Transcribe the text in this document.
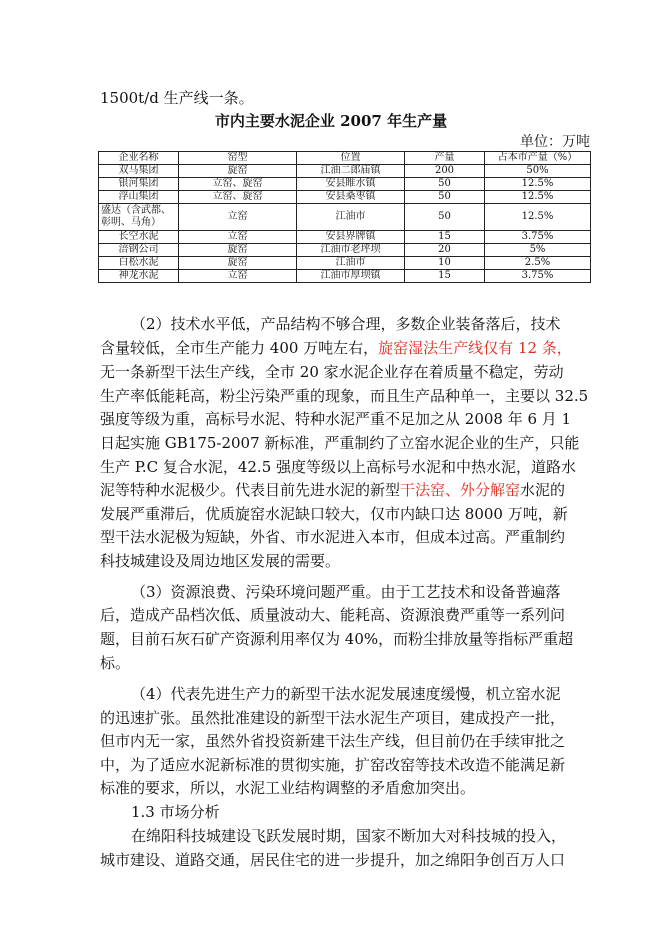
1500t/d 生产线一条。
市内主要水泥企业 2007 年生产量
单位：万吨
企业名称	窑型	位置	产量	占本市产量（%）
双马集团	旋窑	江油二郎庙镇	200	50%
银河集团	立窑、旋窑	安县睢水镇	50	12.5%
浮山集团	立窑、旋窑	安县桑枣镇	50	12.5%
盛达（含武都、彰明、马角）	立窑	江油市	50	12.5%
长空水泥	立窑	安县界牌镇	15	3.75%
涪钢公司	旋窑	江油市老坪坝	20	5%
白松水泥	旋窑	江油市	10	2.5%
神龙水泥	立窑	江油市厚坝镇	15	3.75%
（2）技术水平低，产品结构不够合理，多数企业装备落后，技术
含量较低，全市生产能力 400 万吨左右，旋窑湿法生产线仅有 12 条，
无一条新型干法生产线，全市 20 家水泥企业存在着质量不稳定，劳动
生产率低能耗高，粉尘污染严重的现象，而且生产品种单一，主要以 32.5
强度等级为重，高标号水泥、特种水泥严重不足加之从 2008 年 6 月 1
日起实施 GB175-2007 新标准，严重制约了立窑水泥企业的生产，只能
生产 P.C 复合水泥，42.5 强度等级以上高标号水泥和中热水泥，道路水
泥等特种水泥极少。代表目前先进水泥的新型干法窑、外分解窑水泥的
发展严重滞后，优质旋窑水泥缺口较大，仅市内缺口达 8000 万吨，新
型干法水泥极为短缺，外省、市水泥进入本市，但成本过高。严重制约
科技城建设及周边地区发展的需要。
（3）资源浪费、污染环境问题严重。由于工艺技术和设备普遍落
后，造成产品档次低、质量波动大、能耗高、资源浪费严重等一系列问
题，目前石灰石矿产资源利用率仅为 40%，而粉尘排放量等指标严重超
标。
（4）代表先进生产力的新型干法水泥发展速度缓慢，机立窑水泥
的迅速扩张。虽然批准建设的新型干法水泥生产项目，建成投产一批，
但市内无一家，虽然外省投资新建干法生产线，但目前仍在手续审批之
中，为了适应水泥新标准的贯彻实施，扩窑改窑等技术改造不能满足新
标准的要求，所以，水泥工业结构调整的矛盾愈加突出。
1.3 市场分析
在绵阳科技城建设飞跃发展时期，国家不断加大对科技城的投入，
城市建设、道路交通，居民住宅的进一步提升，加之绵阳争创百万人口
